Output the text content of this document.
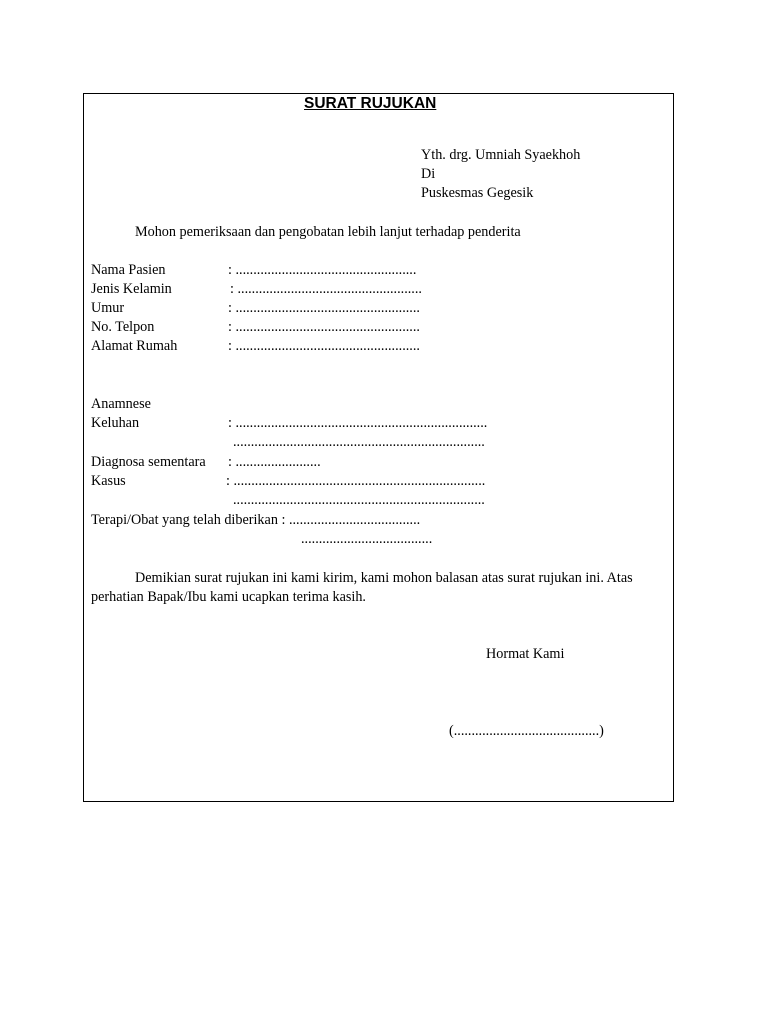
SURAT RUJUKAN
Yth. drg. Umniah Syaekhoh
Di
Puskesmas Gegesik
Mohon pemeriksaan dan pengobatan lebih lanjut terhadap penderita
Nama Pasien	: ...................................................
Jenis Kelamin	: ....................................................
Umur	: ....................................................
No. Telpon	: ....................................................
Alamat Rumah	: ....................................................
Anamnese
Keluhan	: .......................................................................
.......................................................................
Diagnosa sementara : ........................
Kasus	: .......................................................................
.......................................................................
Terapi/Obat yang telah diberikan : .....................................
.....................................
Demikian surat rujukan ini kami kirim, kami mohon balasan atas surat rujukan ini. Atas
perhatian Bapak/Ibu kami ucapkan terima kasih.
Hormat Kami
(.........................................)
